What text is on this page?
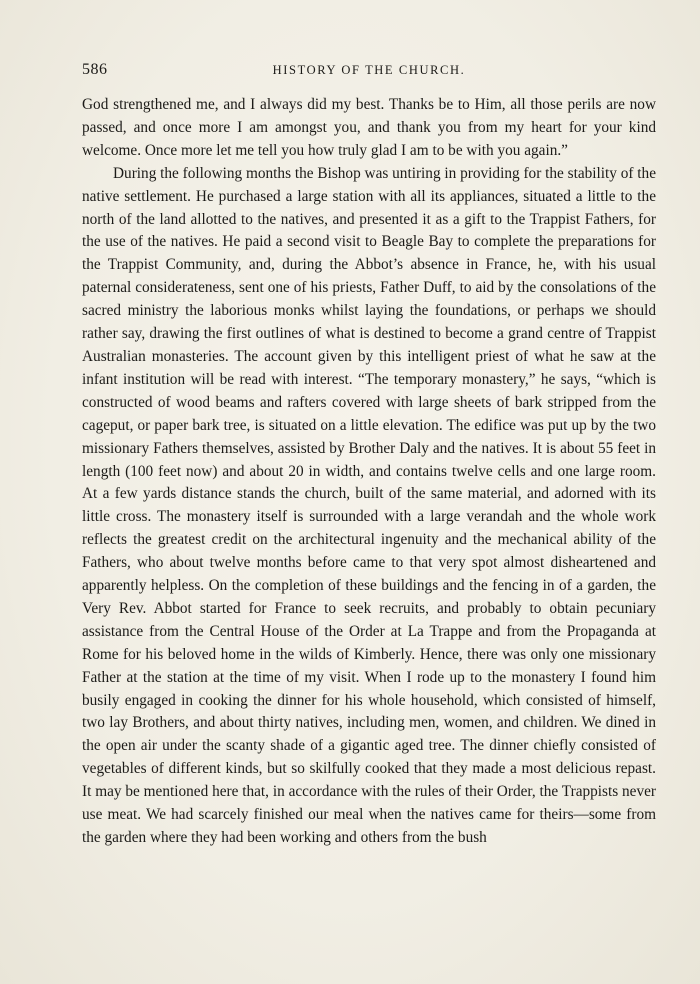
586	HISTORY OF THE CHURCH.

God strengthened me, and I always did my best. Thanks be to Him, all those perils are now passed, and once more I am amongst you, and thank you from my heart for your kind welcome. Once more let me tell you how truly glad I am to be with you again.”

During the following months the Bishop was untiring in providing for the stability of the native settlement. He purchased a large station with all its appliances, situated a little to the north of the land allotted to the natives, and presented it as a gift to the Trappist Fathers, for the use of the natives. He paid a second visit to Beagle Bay to complete the preparations for the Trappist Community, and, during the Abbot’s absence in France, he, with his usual paternal considerateness, sent one of his priests, Father Duff, to aid by the consolations of the sacred ministry the laborious monks whilst laying the foundations, or perhaps we should rather say, drawing the first outlines of what is destined to become a grand centre of Trappist Australian monasteries. The account given by this intelligent priest of what he saw at the infant institution will be read with interest. “The temporary monastery,” he says, “which is constructed of wood beams and rafters covered with large sheets of bark stripped from the cageput, or paper bark tree, is situated on a little elevation. The edifice was put up by the two missionary Fathers themselves, assisted by Brother Daly and the natives. It is about 55 feet in length (100 feet now) and about 20 in width, and contains twelve cells and one large room. At a few yards distance stands the church, built of the same material, and adorned with its little cross. The monastery itself is surrounded with a large verandah and the whole work reflects the greatest credit on the architectural ingenuity and the mechanical ability of the Fathers, who about twelve months before came to that very spot almost disheartened and apparently helpless. On the completion of these buildings and the fencing in of a garden, the Very Rev. Abbot started for France to seek recruits, and probably to obtain pecuniary assistance from the Central House of the Order at La Trappe and from the Propaganda at Rome for his beloved home in the wilds of Kimberly. Hence, there was only one missionary Father at the station at the time of my visit. When I rode up to the monastery I found him busily engaged in cooking the dinner for his whole household, which consisted of himself, two lay Brothers, and about thirty natives, including men, women, and children. We dined in the open air under the scanty shade of a gigantic aged tree. The dinner chiefly consisted of vegetables of different kinds, but so skilfully cooked that they made a most delicious repast. It may be mentioned here that, in accordance with the rules of their Order, the Trappists never use meat. We had scarcely finished our meal when the natives came for theirs—some from the garden where they had been working and others from the bush
